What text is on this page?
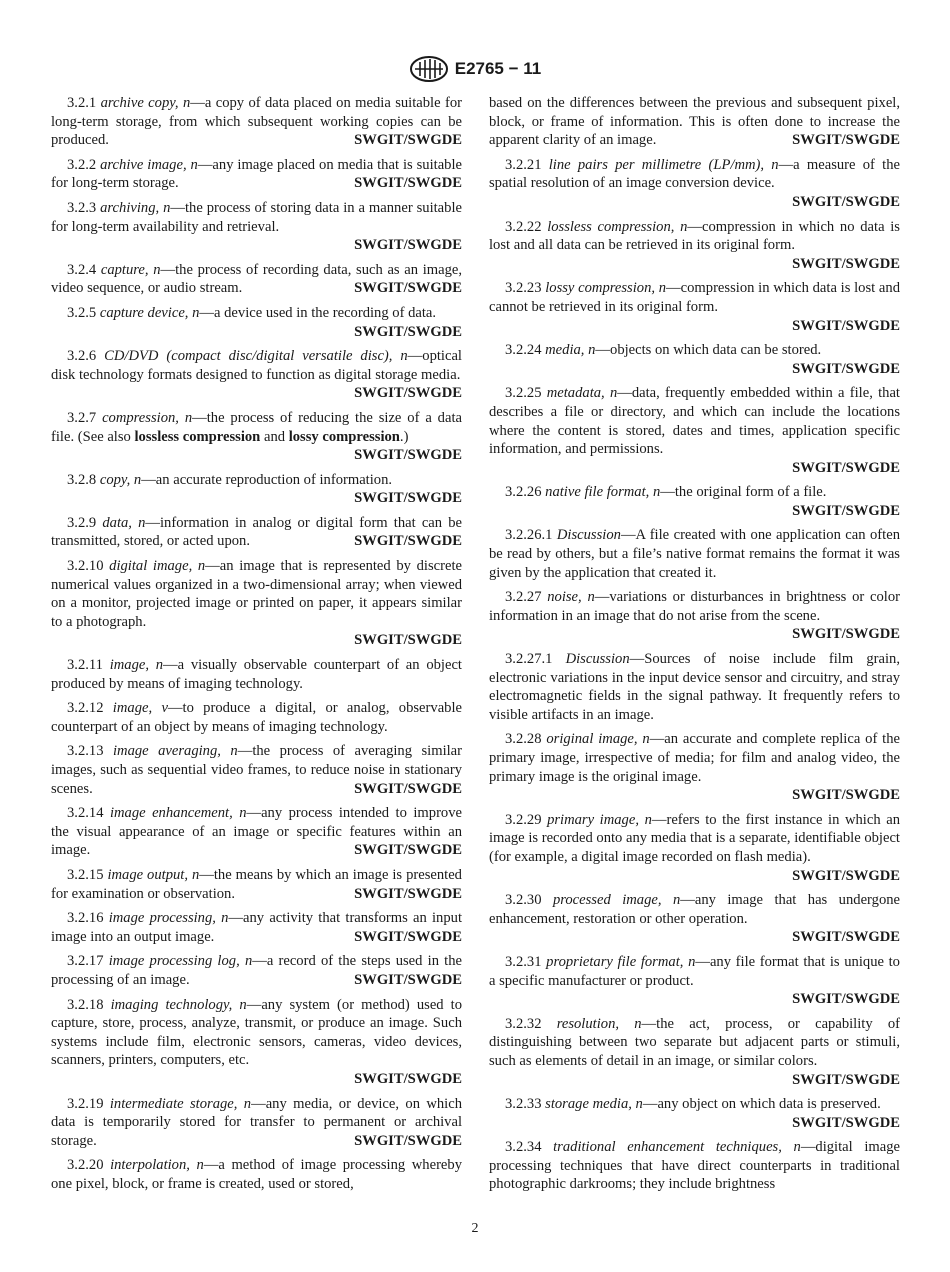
E2765 − 11

3.2.1 archive copy, n—a copy of data placed on media suitable for long-term storage, from which subsequent working copies can be produced.	SWGIT/SWGDE

3.2.2 archive image, n—any image placed on media that is suitable for long-term storage.	SWGIT/SWGDE

3.2.3 archiving, n—the process of storing data in a manner suitable for long-term availability and retrieval.
SWGIT/SWGDE

3.2.4 capture, n—the process of recording data, such as an image, video sequence, or audio stream.	SWGIT/SWGDE

3.2.5 capture device, n—a device used in the recording of data.
SWGIT/SWGDE

3.2.6 CD/DVD (compact disc/digital versatile disc), n—optical disk technology formats designed to function as digital storage media.
SWGIT/SWGDE

3.2.7 compression, n—the process of reducing the size of a data file. (See also lossless compression and lossy compression.)
SWGIT/SWGDE

3.2.8 copy, n—an accurate reproduction of information.
SWGIT/SWGDE

3.2.9 data, n—information in analog or digital form that can be transmitted, stored, or acted upon.	SWGIT/SWGDE

3.2.10 digital image, n—an image that is represented by discrete numerical values organized in a two-dimensional array; when viewed on a monitor, projected image or printed on paper, it appears similar to a photograph.
SWGIT/SWGDE

3.2.11 image, n—a visually observable counterpart of an object produced by means of imaging technology.

3.2.12 image, v—to produce a digital, or analog, observable counterpart of an object by means of imaging technology.

3.2.13 image averaging, n—the process of averaging similar images, such as sequential video frames, to reduce noise in stationary scenes.	SWGIT/SWGDE

3.2.14 image enhancement, n—any process intended to improve the visual appearance of an image or specific features within an image.	SWGIT/SWGDE

3.2.15 image output, n—the means by which an image is presented for examination or observation.	SWGIT/SWGDE

3.2.16 image processing, n—any activity that transforms an input image into an output image.	SWGIT/SWGDE

3.2.17 image processing log, n—a record of the steps used in the processing of an image.	SWGIT/SWGDE

3.2.18 imaging technology, n—any system (or method) used to capture, store, process, analyze, transmit, or produce an image. Such systems include film, electronic sensors, cameras, video devices, scanners, printers, computers, etc.
SWGIT/SWGDE

3.2.19 intermediate storage, n—any media, or device, on which data is temporarily stored for transfer to permanent or archival storage.	SWGIT/SWGDE

3.2.20 interpolation, n—a method of image processing whereby one pixel, block, or frame is created, used or stored,

based on the differences between the previous and subsequent pixel, block, or frame of information. This is often done to increase the apparent clarity of an image.	SWGIT/SWGDE

3.2.21 line pairs per millimetre (LP/mm), n—a measure of the spatial resolution of an image conversion device.
SWGIT/SWGDE

3.2.22 lossless compression, n—compression in which no data is lost and all data can be retrieved in its original form.
SWGIT/SWGDE

3.2.23 lossy compression, n—compression in which data is lost and cannot be retrieved in its original form.
SWGIT/SWGDE

3.2.24 media, n—objects on which data can be stored.
SWGIT/SWGDE

3.2.25 metadata, n—data, frequently embedded within a file, that describes a file or directory, and which can include the locations where the content is stored, dates and times, application specific information, and permissions.
SWGIT/SWGDE

3.2.26 native file format, n—the original form of a file.
SWGIT/SWGDE

3.2.26.1 Discussion—A file created with one application can often be read by others, but a file’s native format remains the format it was given by the application that created it.

3.2.27 noise, n—variations or disturbances in brightness or color information in an image that do not arise from the scene.
SWGIT/SWGDE

3.2.27.1 Discussion—Sources of noise include film grain, electronic variations in the input device sensor and circuitry, and stray electromagnetic fields in the signal pathway. It frequently refers to visible artifacts in an image.

3.2.28 original image, n—an accurate and complete replica of the primary image, irrespective of media; for film and analog video, the primary image is the original image.
SWGIT/SWGDE

3.2.29 primary image, n—refers to the first instance in which an image is recorded onto any media that is a separate, identifiable object (for example, a digital image recorded on flash media).
SWGIT/SWGDE

3.2.30 processed image, n—any image that has undergone enhancement, restoration or other operation.
SWGIT/SWGDE

3.2.31 proprietary file format, n—any file format that is unique to a specific manufacturer or product.
SWGIT/SWGDE

3.2.32 resolution, n—the act, process, or capability of distinguishing between two separate but adjacent parts or stimuli, such as elements of detail in an image, or similar colors.
SWGIT/SWGDE

3.2.33 storage media, n—any object on which data is preserved.
SWGIT/SWGDE

3.2.34 traditional enhancement techniques, n—digital image processing techniques that have direct counterparts in traditional photographic darkrooms; they include brightness

2
